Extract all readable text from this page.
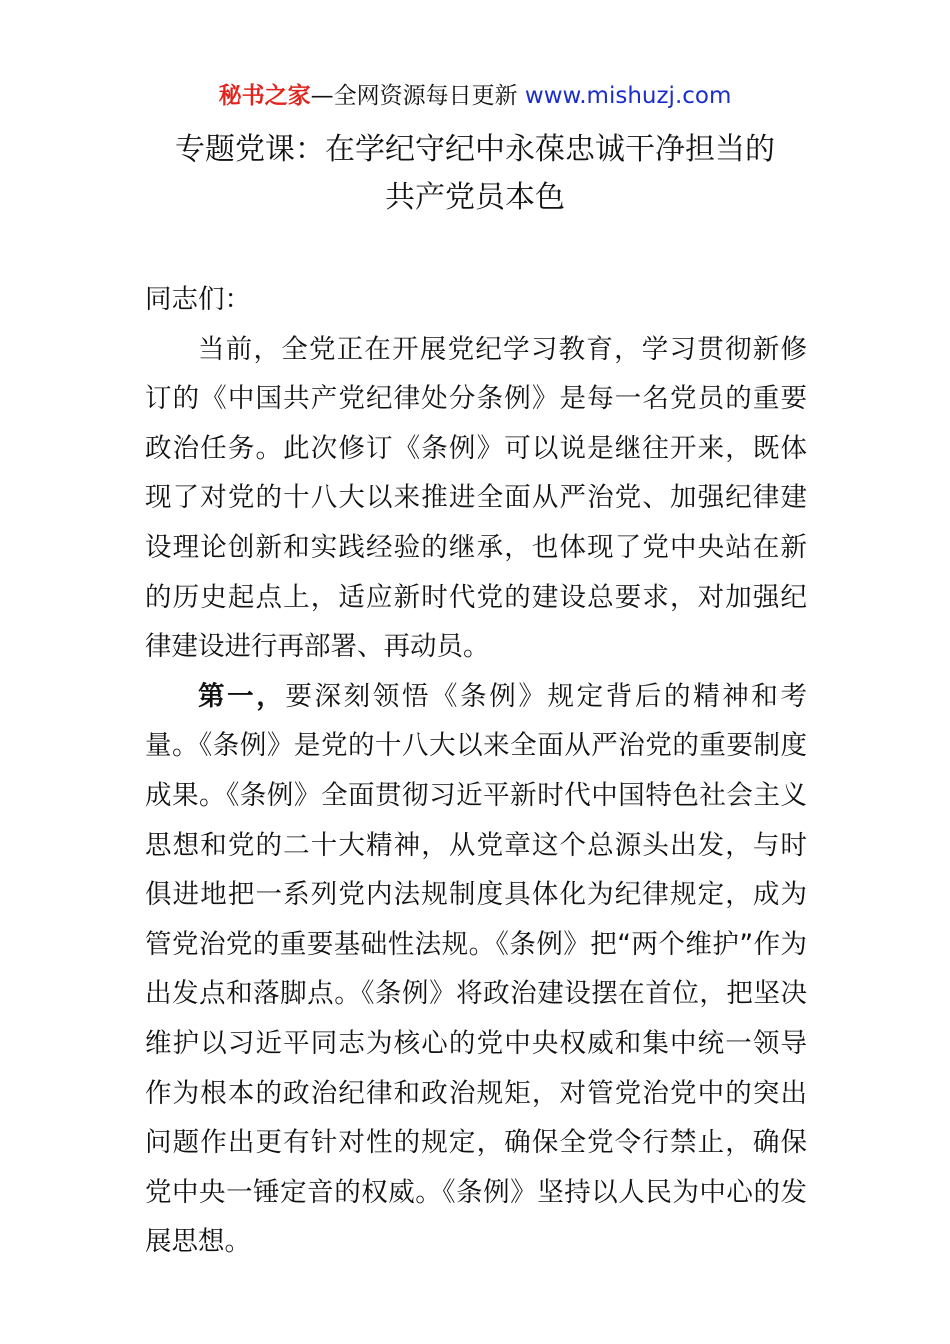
秘书之家—全网资源每日更新 www.mishuzj.com
专题党课：在学纪守纪中永葆忠诚干净担当的
共产党员本色

同志们：

当前，全党正在开展党纪学习教育，学习贯彻新修订的《中国共产党纪律处分条例》是每一名党员的重要政治任务。此次修订《条例》可以说是继往开来，既体现了对党的十八大以来推进全面从严治党、加强纪律建设理论创新和实践经验的继承，也体现了党中央站在新的历史起点上，适应新时代党的建设总要求，对加强纪律建设进行再部署、再动员。

第一，要深刻领悟《条例》规定背后的精神和考量。《条例》是党的十八大以来全面从严治党的重要制度成果。《条例》全面贯彻习近平新时代中国特色社会主义思想和党的二十大精神，从党章这个总源头出发，与时俱进地把一系列党内法规制度具体化为纪律规定，成为管党治党的重要基础性法规。《条例》把“两个维护”作为出发点和落脚点。《条例》将政治建设摆在首位，把坚决维护以习近平同志为核心的党中央权威和集中统一领导作为根本的政治纪律和政治规矩，对管党治党中的突出问题作出更有针对性的规定，确保全党令行禁止，确保党中央一锤定音的权威。《条例》坚持以人民为中心的发展思想。
